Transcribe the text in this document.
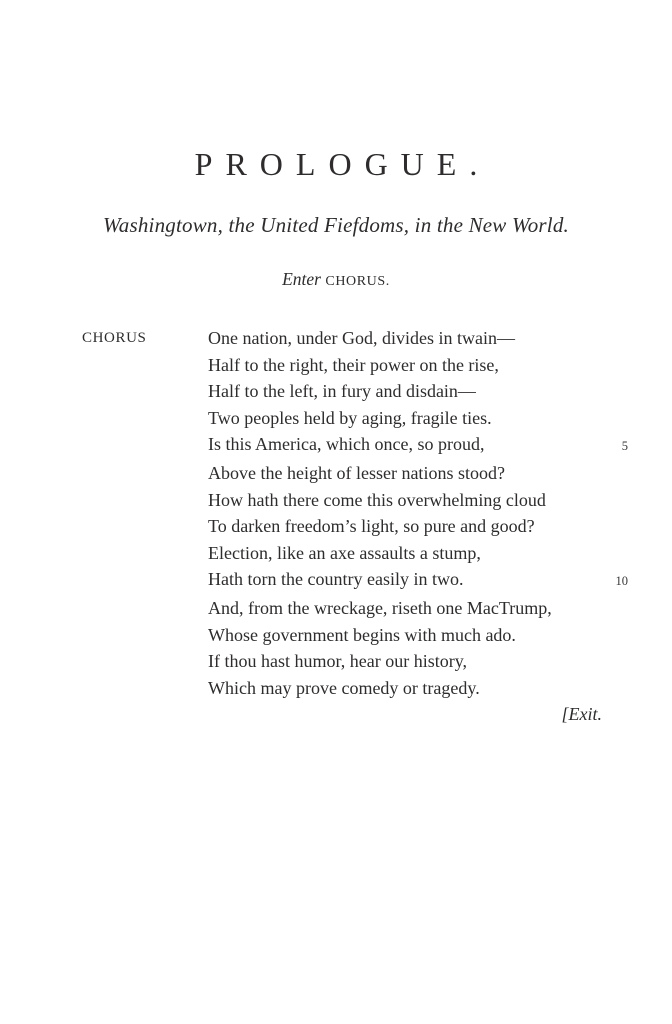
PROLOGUE.

Washingtown, the United Fiefdoms, in the New World.

Enter CHORUS.

CHORUS	One nation, under God, divides in twain—
Half to the right, their power on the rise,
Half to the left, in fury and disdain—
Two peoples held by aging, fragile ties.
Is this America, which once, so proud,	5
Above the height of lesser nations stood?
How hath there come this overwhelming cloud
To darken freedom’s light, so pure and good?
Election, like an axe assaults a stump,
Hath torn the country easily in two.	10
And, from the wreckage, riseth one MacTrump,
Whose government begins with much ado.
If thou hast humor, hear our history,
Which may prove comedy or tragedy.
[Exit.
